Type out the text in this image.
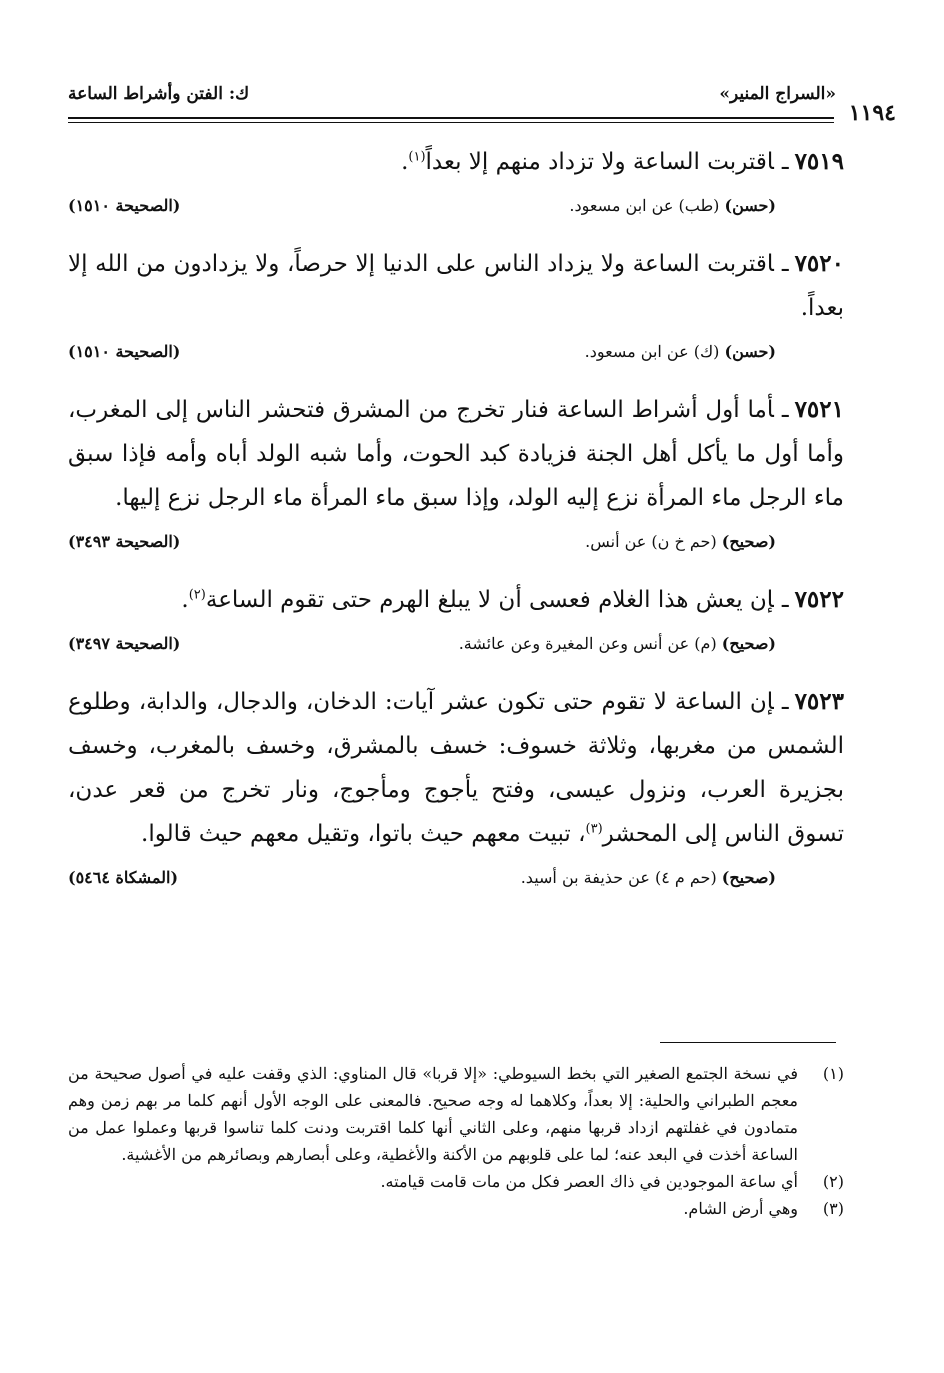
«السراج المنير»
ك: الفتن وأشراط الساعة
١١٩٤

٧٥١٩ـاقتربت الساعة ولا تزداد منهم إلا بعداً$^{(١)}$.

(حسن) (طب) عن ابن مسعود.
(الصحيحة ١٥١٠)

٧٥٢٠ـاقتربت الساعة ولا يزداد الناس على الدنيا إلا حرصاً، ولا يزدادون من الله إلا بعداً.

(حسن) (ك) عن ابن مسعود.
(الصحيحة ١٥١٠)

٧٥٢١ـأما أول أشراط الساعة فنار تخرج من المشرق فتحشر الناس إلى المغرب، وأما أول ما يأكل أهل الجنة فزيادة كبد الحوت، وأما شبه الولد أباه وأمه فإذا سبق ماء الرجل ماء المرأة نزع إليه الولد، وإذا سبق ماء المرأة ماء الرجل نزع إليها.

(صحيح) (حم خ ن) عن أنس.
(الصحيحة ٣٤٩٣)

٧٥٢٢ـإن يعش هذا الغلام فعسى أن لا يبلغ الهرم حتى تقوم الساعة$^{(٢)}$.

(صحيح) (م) عن أنس وعن المغيرة وعن عائشة.
(الصحيحة ٣٤٩٧)

٧٥٢٣ـإن الساعة لا تقوم حتى تكون عشر آيات: الدخان، والدجال، والدابة، وطلوع الشمس من مغربها، وثلاثة خسوف: خسف بالمشرق، وخسف بالمغرب، وخسف بجزيرة العرب، ونزول عيسى، وفتح يأجوج ومأجوج، ونار تخرج من قعر عدن، تسوق الناس إلى المحشر$^{(٣)}$، تبيت معهم حيث باتوا، وتقيل معهم حيث قالوا.

(صحيح) (حم م ٤) عن حذيفة بن أسيد.
(المشكاة ٥٤٦٤)

(١)
في نسخة الجتمع الصغير التي بخط السيوطي: «إلا قربا» قال المناوي: الذي وقفت عليه في أصول صحيحة من معجم الطبراني والحلية: إلا بعداً، وكلاهما له وجه صحيح. فالمعنى على الوجه الأول أنهم كلما مر بهم زمن وهم متمادون في غفلتهم ازداد قربها منهم، وعلى الثاني أنها كلما اقتربت ودنت كلما تناسوا قربها وعملوا عمل من الساعة أخذت في البعد عنه؛ لما على قلوبهم من الأكنة والأغطية، وعلى أبصارهم وبصائرهم من الأغشية.

(٢)
أي ساعة الموجودين في ذاك العصر فكل من مات قامت قيامته.

(٣)
وهي أرض الشام.
